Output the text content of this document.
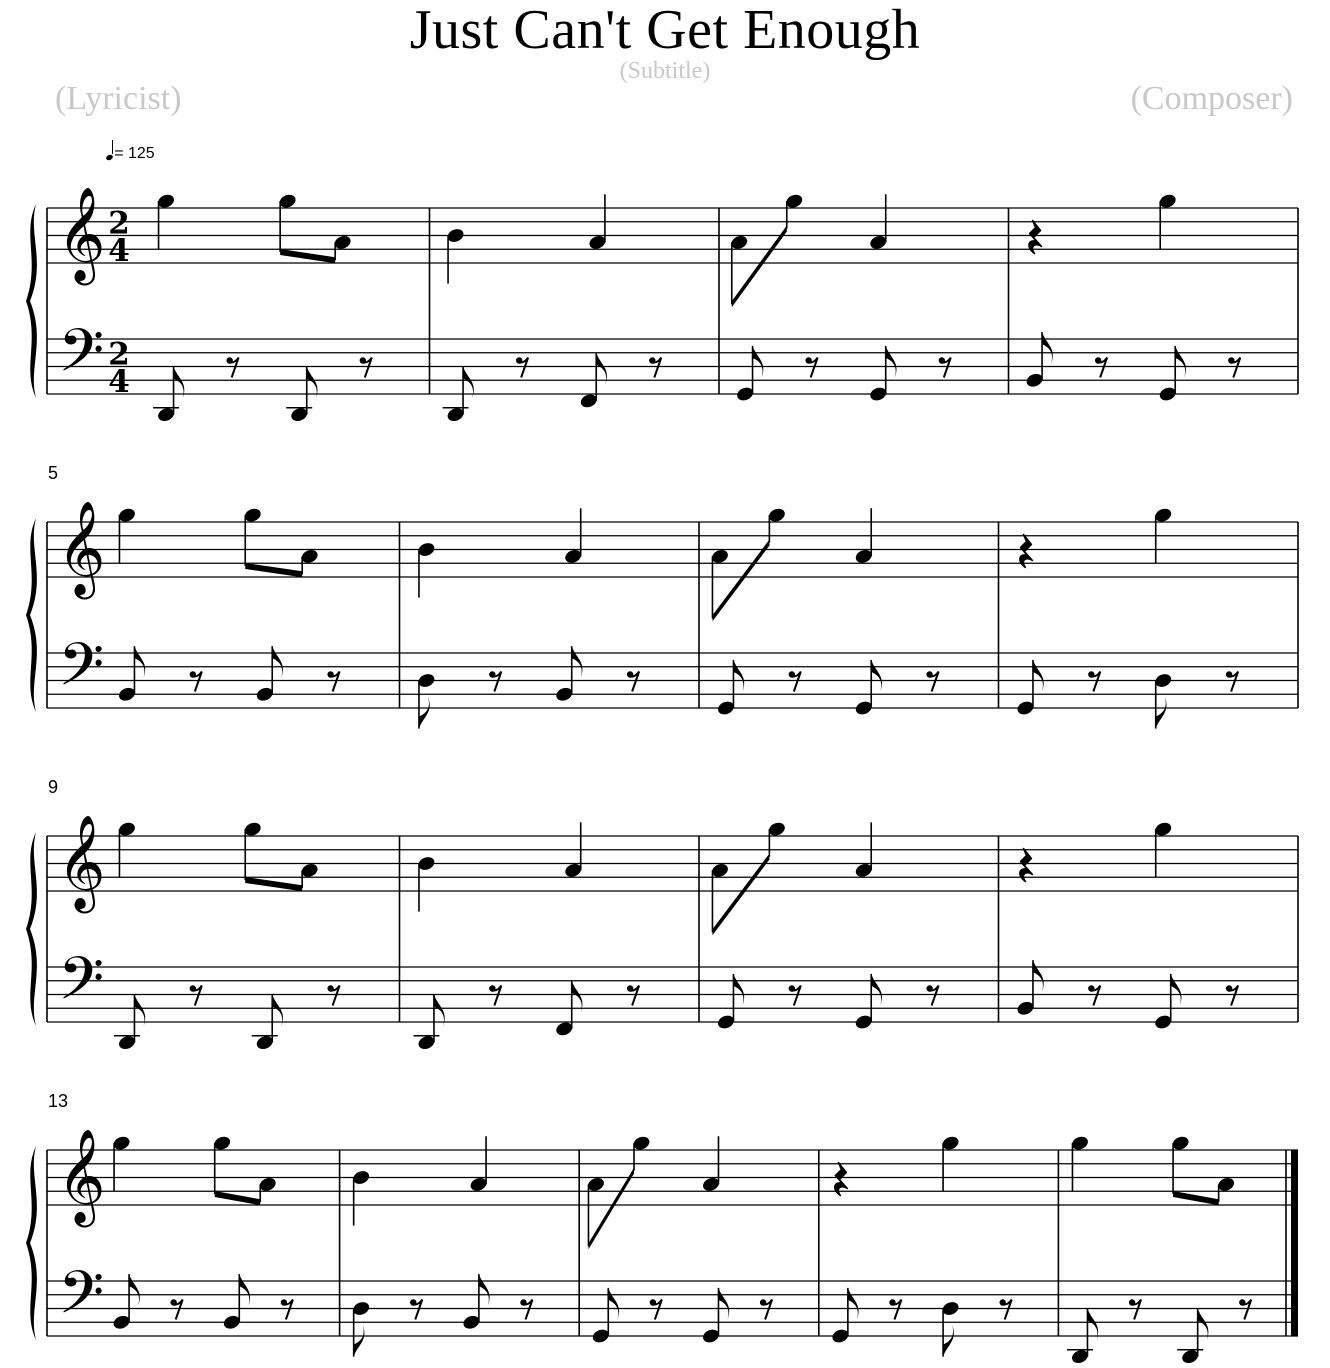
Just Can't Get Enough
(Subtitle)
(Lyricist)	(Composer)
= 125
5
9
13
𝄞
𝄢
2
4
2
4
𝄞
𝄢
𝄞
𝄢
𝄞
𝄢
